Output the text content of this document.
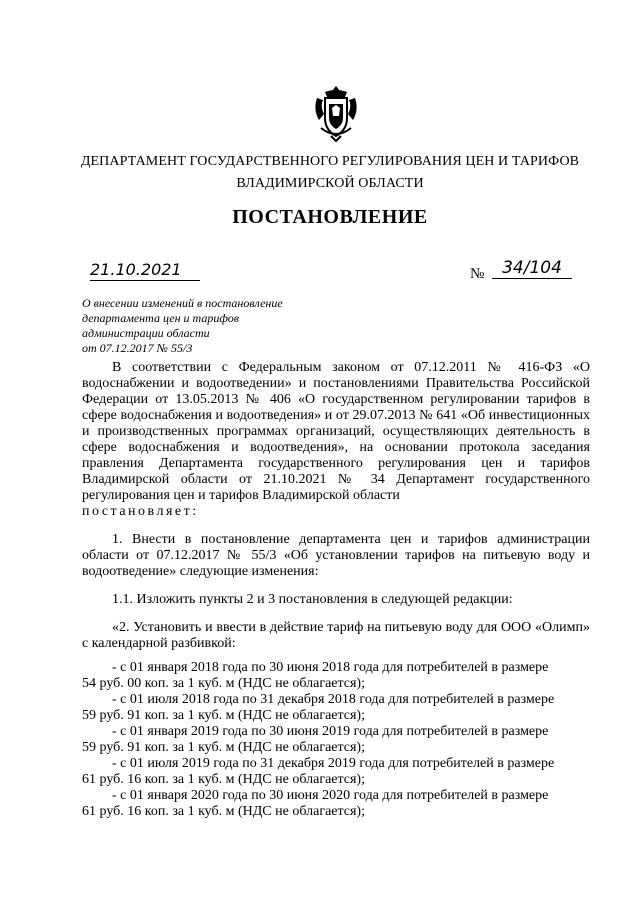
ДЕПАРТАМЕНТ ГОСУДАРСТВЕННОГО РЕГУЛИРОВАНИЯ ЦЕН И ТАРИФОВ
ВЛАДИМИРСКОЙ ОБЛАСТИ
ПОСТАНОВЛЕНИЕ
21.10.2021	№	34/104
О внесении изменений в постановление
департамента цен и тарифов
администрации области
от 07.12.2017 № 55/3

В соответствии с Федеральным законом от 07.12.2011 № 416-ФЗ «О водоснабжении и водоотведении» и постановлениями Правительства Российской Федерации от 13.05.2013 № 406 «О государственном регулировании тарифов в сфере водоснабжения и водоотведения» и от 29.07.2013 № 641 «Об инвестиционных и производственных программах организаций, осуществляющих деятельность в сфере водоснабжения и водоотведения», на основании протокола заседания правления Департамента государственного регулирования цен и тарифов Владимирской области от 21.10.2021 № 34 Департамент государственного регулирования цен и тарифов Владимирской области

постановляет:

1. Внести в постановление департамента цен и тарифов администрации области от 07.12.2017 № 55/3 «Об установлении тарифов на питьевую воду и водоотведение» следующие изменения:

1.1. Изложить пункты 2 и 3 постановления в следующей редакции:

«2. Установить и ввести в действие тариф на питьевую воду для ООО «Олимп» с календарной разбивкой:

- с 01 января 2018 года по 30 июня 2018 года для потребителей в размере

54 руб. 00 коп. за 1 куб. м (НДС не облагается);

- с 01 июля 2018 года по 31 декабря 2018 года для потребителей в размере

59 руб. 91 коп. за 1 куб. м (НДС не облагается);

- с 01 января 2019 года по 30 июня 2019 года для потребителей в размере

59 руб. 91 коп. за 1 куб. м (НДС не облагается);

- с 01 июля 2019 года по 31 декабря 2019 года для потребителей в размере

61 руб. 16 коп. за 1 куб. м (НДС не облагается);

- с 01 января 2020 года по 30 июня 2020 года для потребителей в размере

61 руб. 16 коп. за 1 куб. м (НДС не облагается);
